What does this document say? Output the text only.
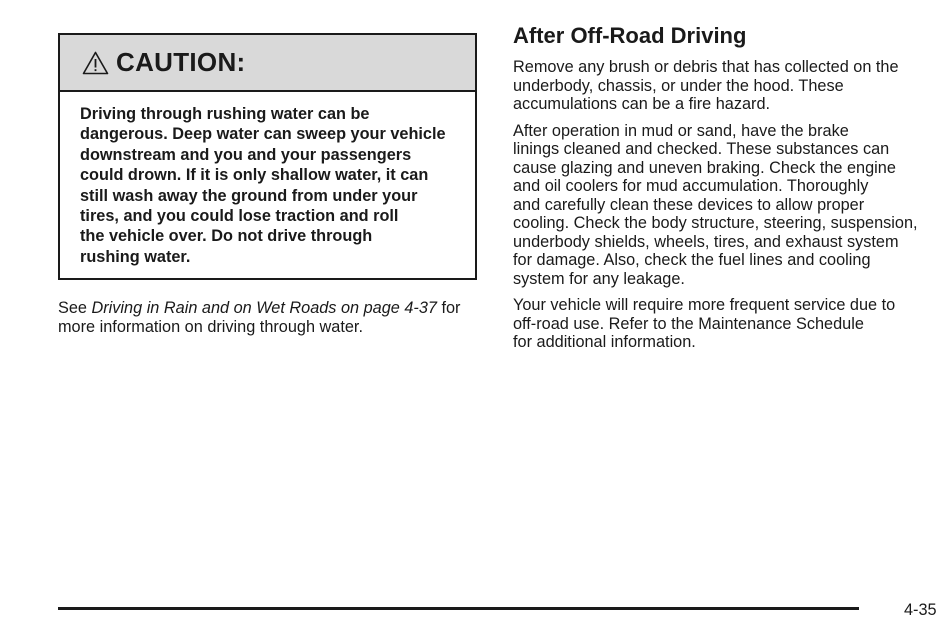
CAUTION:
Driving through rushing water can be
dangerous. Deep water can sweep your vehicle
downstream and you and your passengers
could drown. If it is only shallow water, it can
still wash away the ground from under your
tires, and you could lose traction and roll
the vehicle over. Do not drive through
rushing water.
See Driving in Rain and on Wet Roads on page 4-37 for
more information on driving through water.
After Off-Road Driving

Remove any brush or debris that has collected on the
underbody, chassis, or under the hood. These
accumulations can be a fire hazard.

After operation in mud or sand, have the brake
linings cleaned and checked. These substances can
cause glazing and uneven braking. Check the engine
and oil coolers for mud accumulation. Thoroughly
and carefully clean these devices to allow proper
cooling. Check the body structure, steering, suspension,
underbody shields, wheels, tires, and exhaust system
for damage. Also, check the fuel lines and cooling
system for any leakage.

Your vehicle will require more frequent service due to
off-road use. Refer to the Maintenance Schedule
for additional information.

4-35
